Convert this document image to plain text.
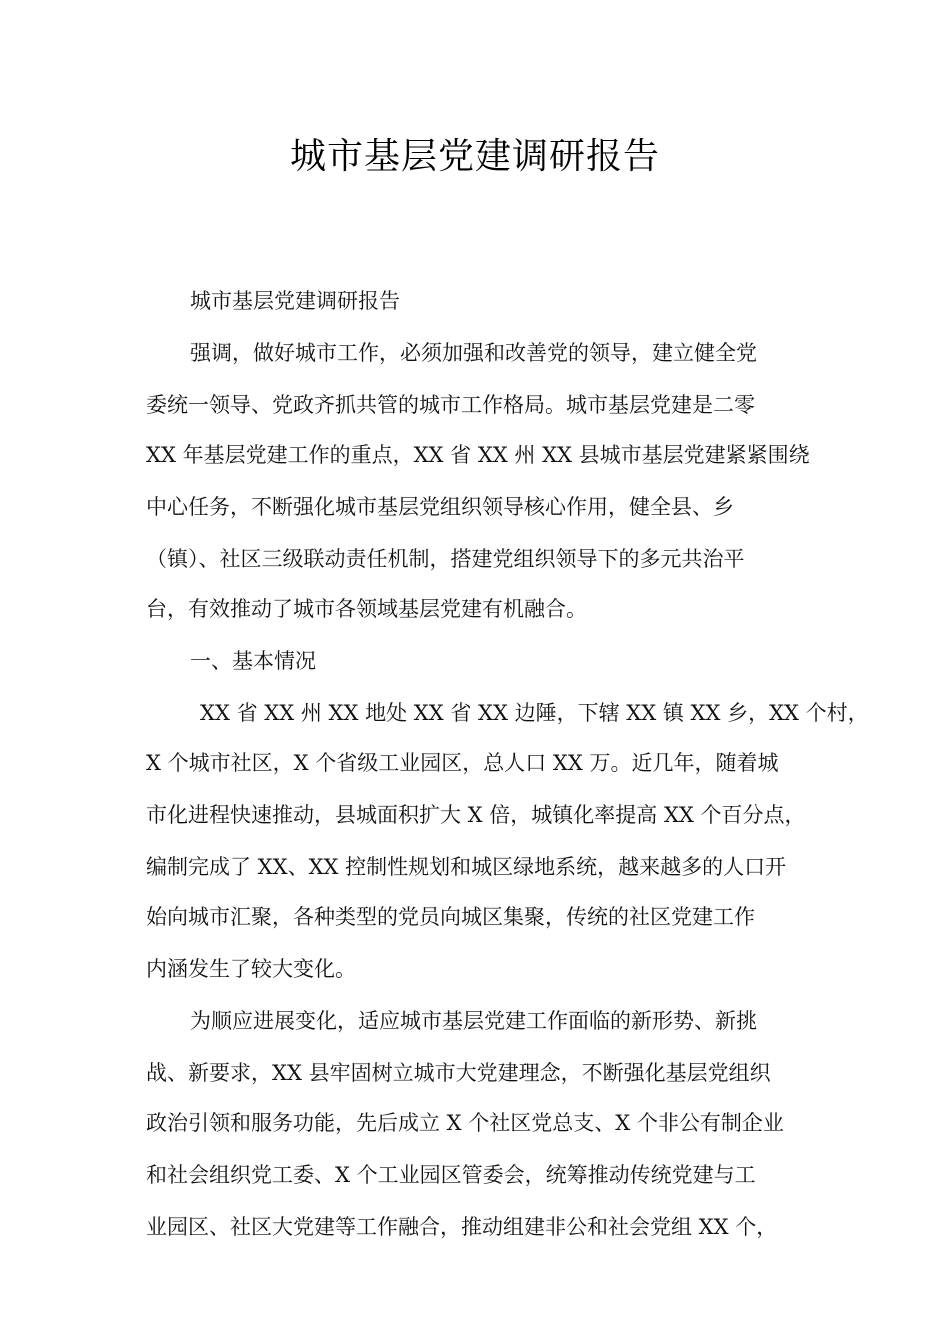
城市基层党建调研报告
城市基层党建调研报告
强调，做好城市工作，必须加强和改善党的领导，建立健全党
委统一领导、党政齐抓共管的城市工作格局。城市基层党建是二零
XX 年基层党建工作的重点，XX 省 XX 州 XX 县城市基层党建紧紧围绕
中心任务，不断强化城市基层党组织领导核心作用，健全县、乡
（镇）、社区三级联动责任机制，搭建党组织领导下的多元共治平
台，有效推动了城市各领域基层党建有机融合。
一、基本情况
XX 省 XX 州 XX 地处 XX 省 XX 边陲，下辖 XX 镇 XX 乡，XX 个村，
X 个城市社区，X 个省级工业园区，总人口 XX 万。近几年，随着城
市化进程快速推动，县城面积扩大 X 倍，城镇化率提高 XX 个百分点，
编制完成了 XX、XX 控制性规划和城区绿地系统，越来越多的人口开
始向城市汇聚，各种类型的党员向城区集聚，传统的社区党建工作
内涵发生了较大变化。
为顺应进展变化，适应城市基层党建工作面临的新形势、新挑
战、新要求，XX 县牢固树立城市大党建理念，不断强化基层党组织
政治引领和服务功能，先后成立 X 个社区党总支、X 个非公有制企业
和社会组织党工委、X 个工业园区管委会，统筹推动传统党建与工
业园区、社区大党建等工作融合，推动组建非公和社会党组 XX 个，
